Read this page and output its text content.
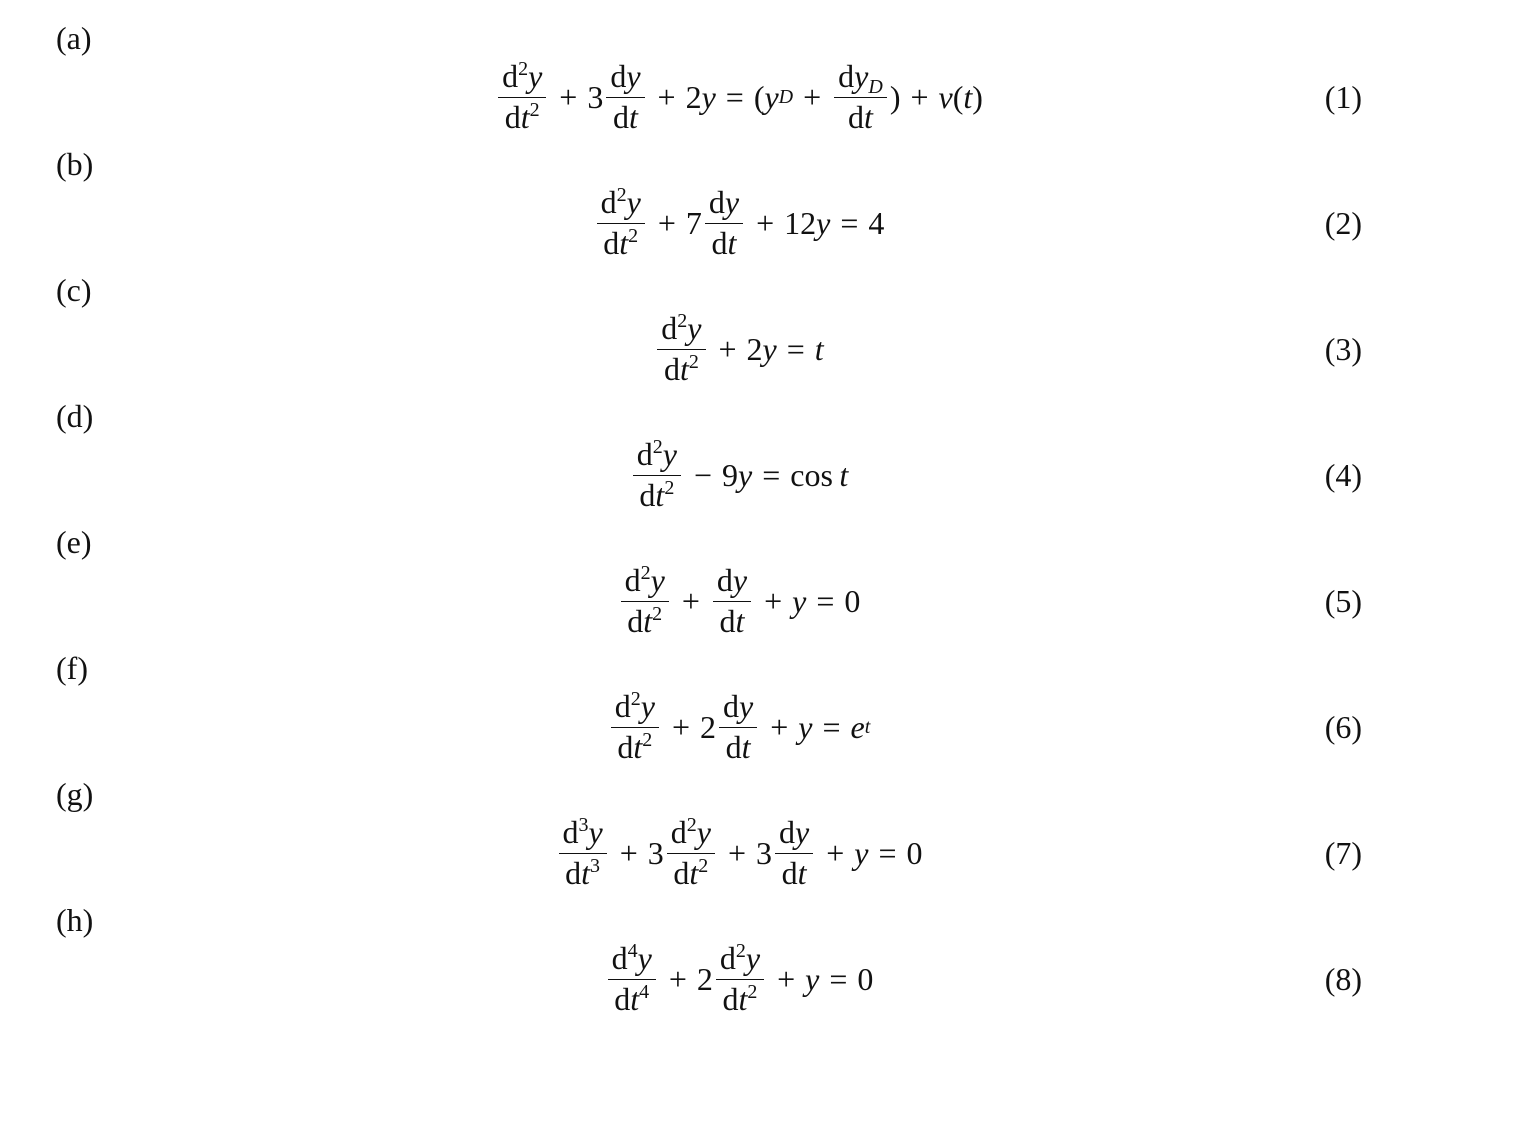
(a)
$\frac{d^2y}{dt^2} + 3 \frac{dy}{dt} + 2$ y = ( y $D + \frac{dy_D}{dt}$ ) + v ( t )	(1)
(b)
$\frac{d^2y}{dt^2} + 7 \frac{dy}{dt} + 12$ y = 4	(2)
(c)
$\frac{d^2y}{dt^2} + 2$ y = t	(3)
(d)
$\frac{d^2y}{dt^2} - 9$ y = cos  t	(4)
(e)
$\frac{d^2y}{dt^2} + \frac{dy}{dt} + y = 0$	(5)
(f)
$\frac{d^2y}{dt^2} + 2 \frac{dy}{dt} + y = e$ t	(6)
(g)
$\frac{d^3y}{dt^3} + 3 \frac{d^2y}{dt^2} + 3 \frac{dy}{dt} + y = 0$	(7)
(h)
$\frac{d^4y}{dt^4} + 2 \frac{d^2y}{dt^2} + y = 0$	(8)
